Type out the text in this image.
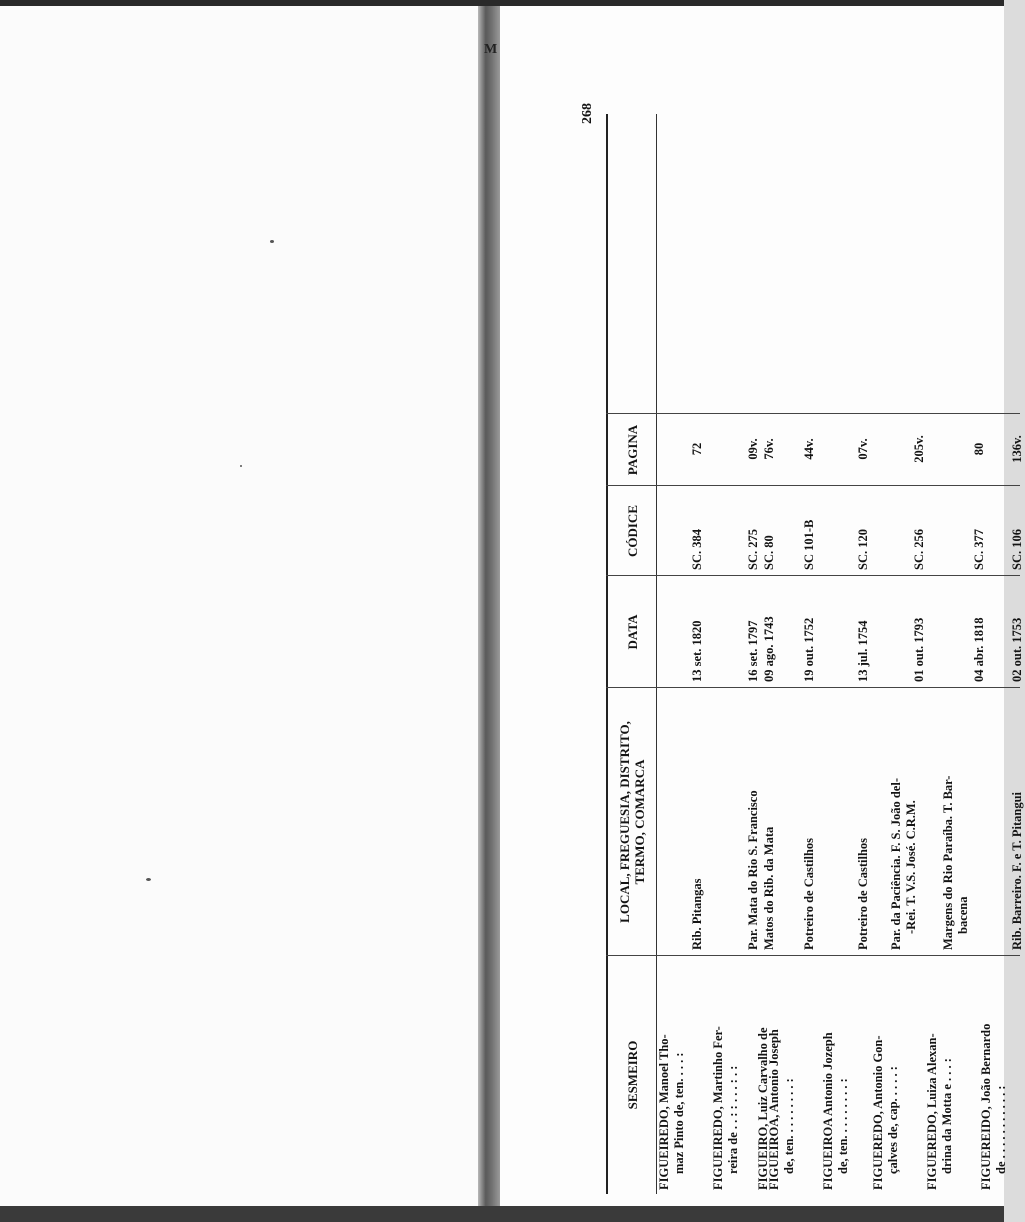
M
268
SESMEIRO
LOCAL, FREGUESIA, DISTRITO, TERMO, COMARCA
DATA
CÓDICE
PAGINA
FIGUEIREDO, Manoel Tho- maz Pinto de, ten. . . . :
Rib. Pitangas
13 set. 1820
SC. 384
72
FIGUEIREDO, Martinho Fer- reira de . . : : . . . : . :
Par. Mata do Rio S. Francisco
16 set. 1797
SC. 275
09v.
FIGUEIRO, Luiz Carvalho de
Matos do Rib. da Mata
09 ago. 1743
SC. 80
76v.
FIGUEIROA, Antonio Joseph de, ten. . . . . . . . . :
Potreiro de Castilhos
19 out. 1752
SC 101-B
44v.
FIGUEIROA Antonio Jozeph de, ten. . . . . . . . . :
Potreiro de Castilhos
13 jul. 1754
SC. 120
07v.
FIGUEREDO, Antonio Gon- çalves de, cap. . . . . :
Par. da Paciência. F. S. João del- -Rei. T. V.S. José. C.R.M.
01 out. 1793
SC. 256
205v.
FIGUEREDO, Luiza Alexan- drina da Motta e . . . :
Margens do Rio Paraíba. T. Bar- bacena
04 abr. 1818
SC. 377
80
FIGUEREIDO, João Bernardo de . . . . . . . . . . . :
Rib. Barreiro. F. e T. Pitangui
02 out. 1753
SC. 106
136v.
